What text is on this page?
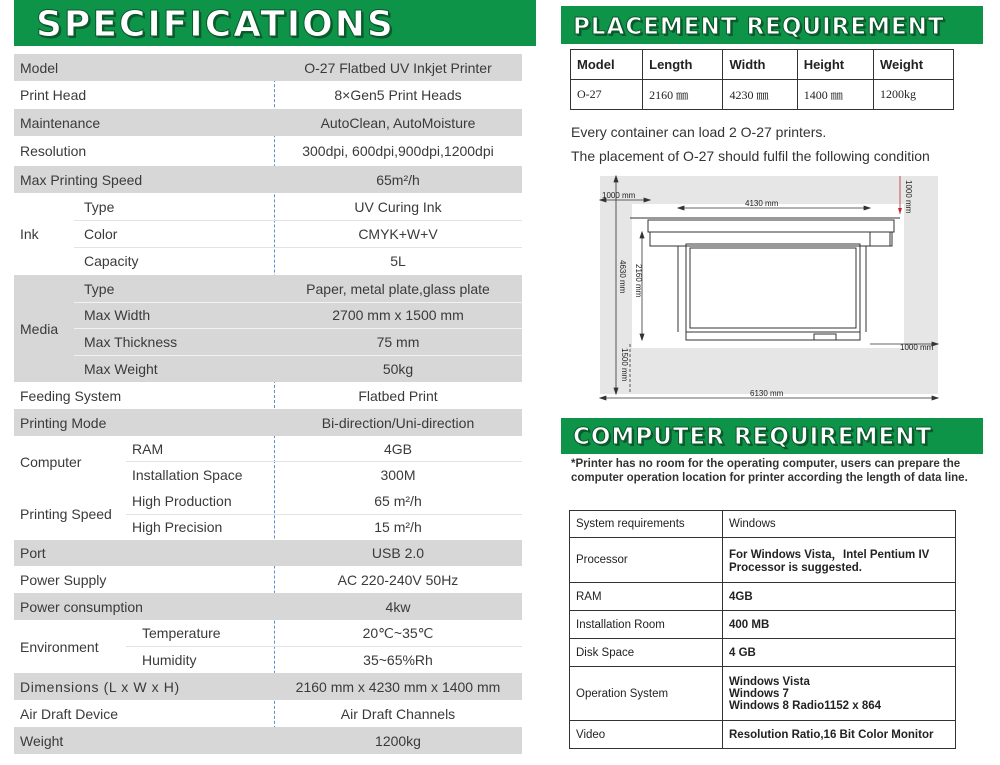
SPECIFICATIONS
Model	O-27 Flatbed UV Inkjet Printer
Print Head	8×Gen5 Print Heads
Maintenance	AutoClean, AutoMoisture
Resolution	300dpi, 600dpi,900dpi,1200dpi
Max Printing Speed	65m²/h
Ink
Type	UV Curing Ink
Color	CMYK+W+V
Capacity	5L
Media
Type	Paper, metal plate,glass plate
Max Width	2700 mm x 1500 mm
Max Thickness	75 mm
Max Weight	50kg
Feeding System	Flatbed Print
Printing Mode	Bi-direction/Uni-direction
Computer
RAM	4GB
Installation Space	300M
Printing Speed
High Production	65 m²/h
High Precision	15 m²/h
Port	USB 2.0
Power Supply	AC 220-240V 50Hz
Power consumption	4kw
Environment
Temperature	20℃~35℃
Humidity	35~65%Rh
Dimensions (L x W x H)	2160 mm x 4230 mm x 1400 mm
Air Draft Device	Air Draft Channels
Weight	1200kg
PLACEMENT REQUIREMENT
Model	Length	Width	Height	Weight
O-27	2160 ㎜	4230 ㎜	1400 ㎜	1200kg
Every container can load 2 O-27 printers.
The placement of O-27 should fulfil the following condition
1000 mm
4130 mm	1000 mm
4630 mm 2160 mm
1500 mm
1000 mm
6130 mm
COMPUTER REQUIREMENT
*Printer has no room for the operating computer, users can prepare the computer operation location for printer according the length of data line.
System requirements	Windows
Processor	For Windows Vista，Intel Pentium IV Processor is suggested.
RAM	4GB
Installation Room	400 MB
Disk Space	4 GB
Operation System	Windows Vista
Windows 7
Windows 8 Radio1152 x 864

Video	Resolution Ratio,16 Bit Color Monitor
